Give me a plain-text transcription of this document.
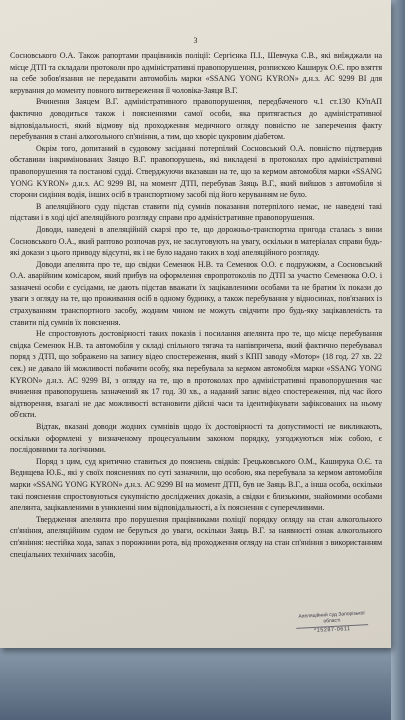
3

Сосновського О.А. Також рапортами працівників поліції: Сергієнка П.І., Шевчука С.В., які виїжджали на місце ДТП та складали протоколи про адміністративні правопорушення, розпискою Каширук О.Є. про взяття на себе зобов'язання не передавати автомобіль марки «SSANG YONG KYRON» д.н.з. АС 9299 ВІ для керування до моменту повного витвереження її чоловіка-Заяця В.Г.

Вчинення Заяцем В.Г. адміністративного правопорушення, передбаченого ч.1 ст.130 КУпАП фактично доводиться також і поясненнями самої особи, яка притягається до адміністративної відповідальності, який відмову від проходження медичного огляду повністю не заперечення факту перебування в стані алкогольного сп'яніння, а тим, що хворіє цукровим діабетом.

Окрім того, допитаний в судовому засіданні потерпілий Сосновський О.А. повністю підтвердив обставини інкримінованих Заяцю В.Г. правопорушень, які викладені в протоколах про адміністративні правопорушення та постанові судді. Стверджуючи вказавши на те, що за кермом автомобіля марки «SSANG YONG KYRON» д.н.з. АС 9299 ВІ, на момент ДТП, перебував Заяць В.Г., який вийшов з автомобіля зі сторони сидіння водія, інших осіб в транспортному засобі під його керуванням не було.

В апеляційного суду підстав ставити під сумнів показання потерпілого немає, не наведені такі підстави і в ході цієї апеляційного розгляду справи про адміністративне правопорушення.

Доводи, наведені в апеляційній скарзі про те, що дорожньо-транспортна пригода сталась з вини Сосновського О.А., який раптово розпочав рух, не заслуговують на увагу, оскільки в матеріалах справи будь-які докази з цього приводу відсутні, як і не було надано таких в ході апеляційного розгляду.

Доводи апелянта про те, що свідки Семенюк Н.В. та Семенюк О.О. є подружжям, а Сосновський О.А. аварійним комісаром, який прибув на оформлення європротоколів по ДТП за участю Семенюка О.О. і зазначені особи є сусідами, не дають підстав вважати їх зацікавленими особами та не братим їх покази до уваги з огляду на те, що проживання осіб в одному будинку, а також перебування у відносинах, пов'язаних із страхуванням транспортного засобу, жодним чином не можуть свідчити про будь-яку зацікавленість та ставити під сумнів їх пояснення.

Не спростовують достовірності таких показів і посилання апелянта про те, що місце перебування свідка Семенюк Н.В. та автомобіля у складі спільного тягача та напівпричепа, який фактично перебувавал поряд з ДТП, що зображено на запису відео спостереження, який з КПП заводу «Мотор» (18 год. 27 хв. 22 сек.) не давало їй можливості побачити особу, яка перебувала за кермом автомобіля марки «SSANG YONG KYRON» д.н.з. АС 9299 ВІ, з огляду на те, що в протоколах про адміністративні правопорушення час вчинення правопорушень зазначений як 17 год. 30 хв., а наданий запис відео спостереження, під час його відтворення, взагалі не дає можливості встановити дійсні часи та ідентифікувати зафіксованих на ньому об'єкти.

Відтак, вказані доводи жодних сумнівів щодо їх достовірності та допустимості не викликають, оскільки оформлені у визначеному процесуальним законом порядку, узгоджуються між собою, є послідовними та логічними.

Поряд з цим, суд критично ставиться до пояснень свідків: Грецьковського О.М., Каширука О.Є. та Ведищева Ю.Б., які у своїх поясненнях по суті зазначили, що особою, яка перебувала за кермом автомобіля марки «SSANG YONG KYRON» д.н.з. АС 9299 ВІ на момент ДТП, був не Заяць В.Г., а інша особа, оскільки такі пояснення спростовуються сукупністю досліджених доказів, а свідки є близькими, знайомими особами апелянта, зацікавленими в уникненні ним відповідальності, а їх пояснення є суперечливими.

Твердження апелянта про порушення працівниками поліції порядку огляду на стан алкогольного сп'яніння, апеляційним судом не беруться до уваги, оскільки Заяць В.Г. за наявності ознак алкогольного сп'яніння: нестійка хода, запах з порожнини рота, від проходження огляду на стан сп'яніння з використанням спеціальних технічних засобів,

Апеляційний суд Запорізької області
*15287-0611
